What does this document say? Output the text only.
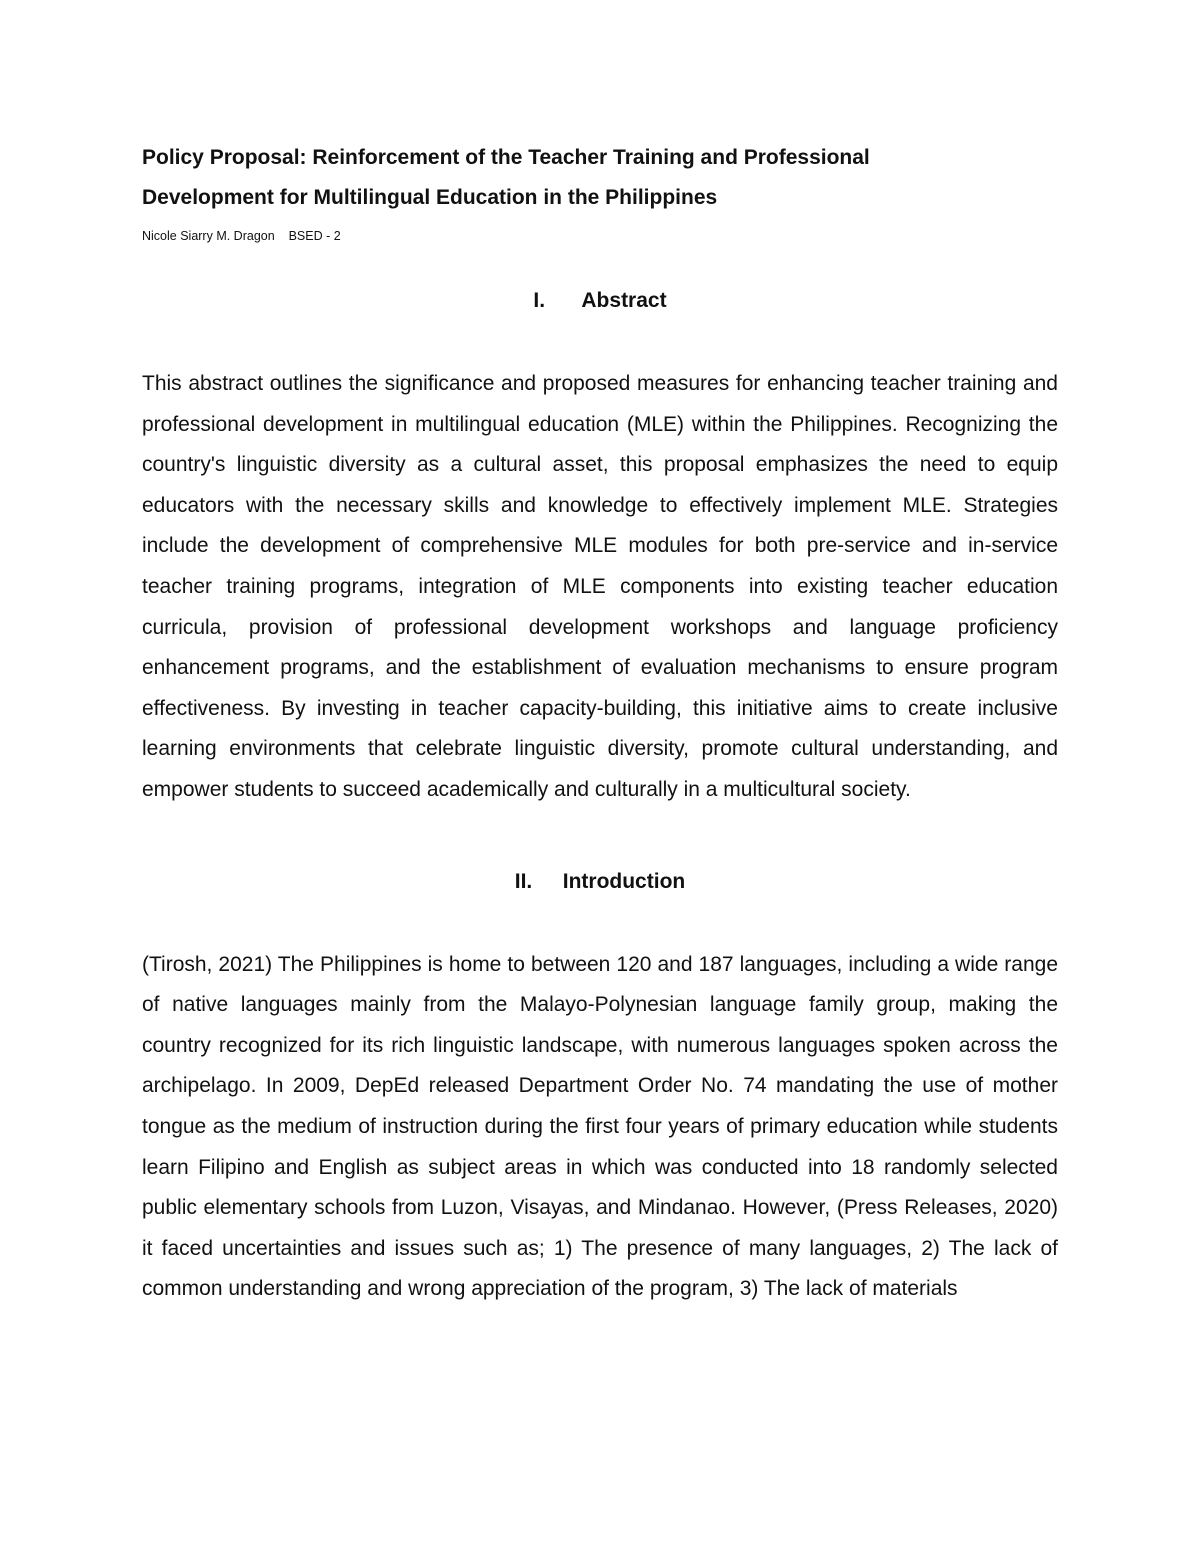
Policy Proposal: Reinforcement of the Teacher Training and Professional
Development for Multilingual Education in the Philippines

Nicole Siarry M. Dragon    BSED - 2
I. Abstract

This abstract outlines the significance and proposed measures for enhancing teacher training and professional development in multilingual education (MLE) within the Philippines. Recognizing the country's linguistic diversity as a cultural asset, this proposal emphasizes the need to equip educators with the necessary skills and knowledge to effectively implement MLE. Strategies include the development of comprehensive MLE modules for both pre-service and in-service teacher training programs, integration of MLE components into existing teacher education curricula, provision of professional development workshops and language proficiency enhancement programs, and the establishment of evaluation mechanisms to ensure program effectiveness. By investing in teacher capacity-building, this initiative aims to create inclusive learning environments that celebrate linguistic diversity, promote cultural understanding, and empower students to succeed academically and culturally in a multicultural society.

II. Introduction

(Tirosh, 2021) The Philippines is home to between 120 and 187 languages, including a wide range of native languages mainly from the Malayo-Polynesian language family group, making the country recognized for its rich linguistic landscape, with numerous languages spoken across the archipelago. In 2009, DepEd released Department Order No. 74 mandating the use of mother tongue as the medium of instruction during the first four years of primary education while students learn Filipino and English as subject areas in which was conducted into 18 randomly selected public elementary schools from Luzon, Visayas, and Mindanao. However, (Press Releases, 2020) it faced uncertainties and issues such as; 1) The presence of many languages, 2) The lack of common understanding and wrong appreciation of the program, 3) The lack of materials
